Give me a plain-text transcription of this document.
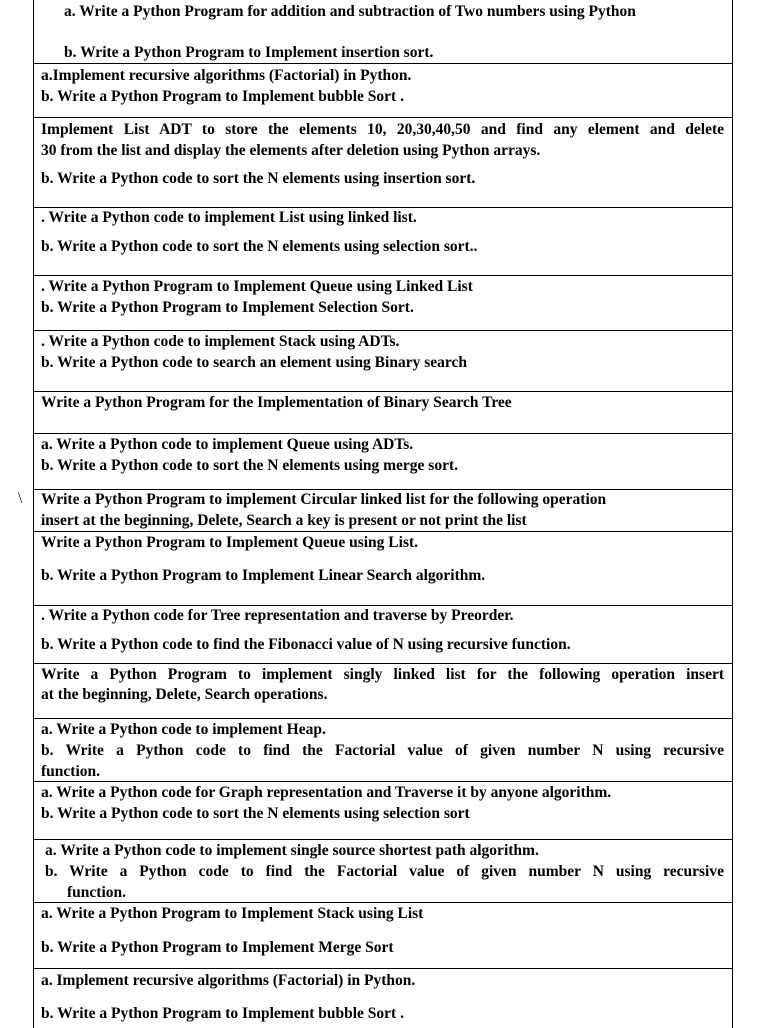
a. Write a Python Program for addition and subtraction of Two numbers using Python
b. Write a Python Program to Implement insertion sort.
a.Implement recursive algorithms (Factorial) in Python.
b. Write a Python Program to Implement bubble Sort .
Implement List ADT to store the elements 10, 20,30,40,50 and find any element and delete
30 from the list and display the elements after deletion using Python arrays.
b. Write a Python code to sort the N elements using insertion sort.
. Write a Python code to implement List using linked list.
b. Write a Python code to sort the N elements using selection sort..
. Write a Python Program to Implement Queue using Linked List
b. Write a Python Program to Implement Selection Sort.
. Write a Python code to implement Stack using ADTs.
b. Write a Python code to search an element using Binary search
Write a Python Program for the Implementation of Binary Search Tree
a. Write a Python code to implement Queue using ADTs.
b. Write a Python code to sort the N elements using merge sort.
Write a Python Program to implement Circular linked list for the following operation
insert at the beginning, Delete, Search a key is present or not print the list
Write a Python Program to Implement Queue using List.
b. Write a Python Program to Implement Linear Search algorithm.
. Write a Python code for Tree representation and traverse by Preorder.
b. Write a Python code to find the Fibonacci value of N using recursive function.
Write a Python Program to implement singly linked list for the following operation insert
at the beginning, Delete, Search operations.
a. Write a Python code to implement Heap.
b. Write a Python code to find the Factorial value of given number N using recursive
function.
a. Write a Python code for Graph representation and Traverse it by anyone algorithm.
b. Write a Python code to sort the N elements using selection sort
a. Write a Python code to implement single source shortest path algorithm.
b. Write a Python code to find the Factorial value of given number N using recursive
function.
a. Write a Python Program to Implement Stack using List
b. Write a Python Program to Implement Merge Sort
a. Implement recursive algorithms (Factorial) in Python.
b. Write a Python Program to Implement bubble Sort .
\
